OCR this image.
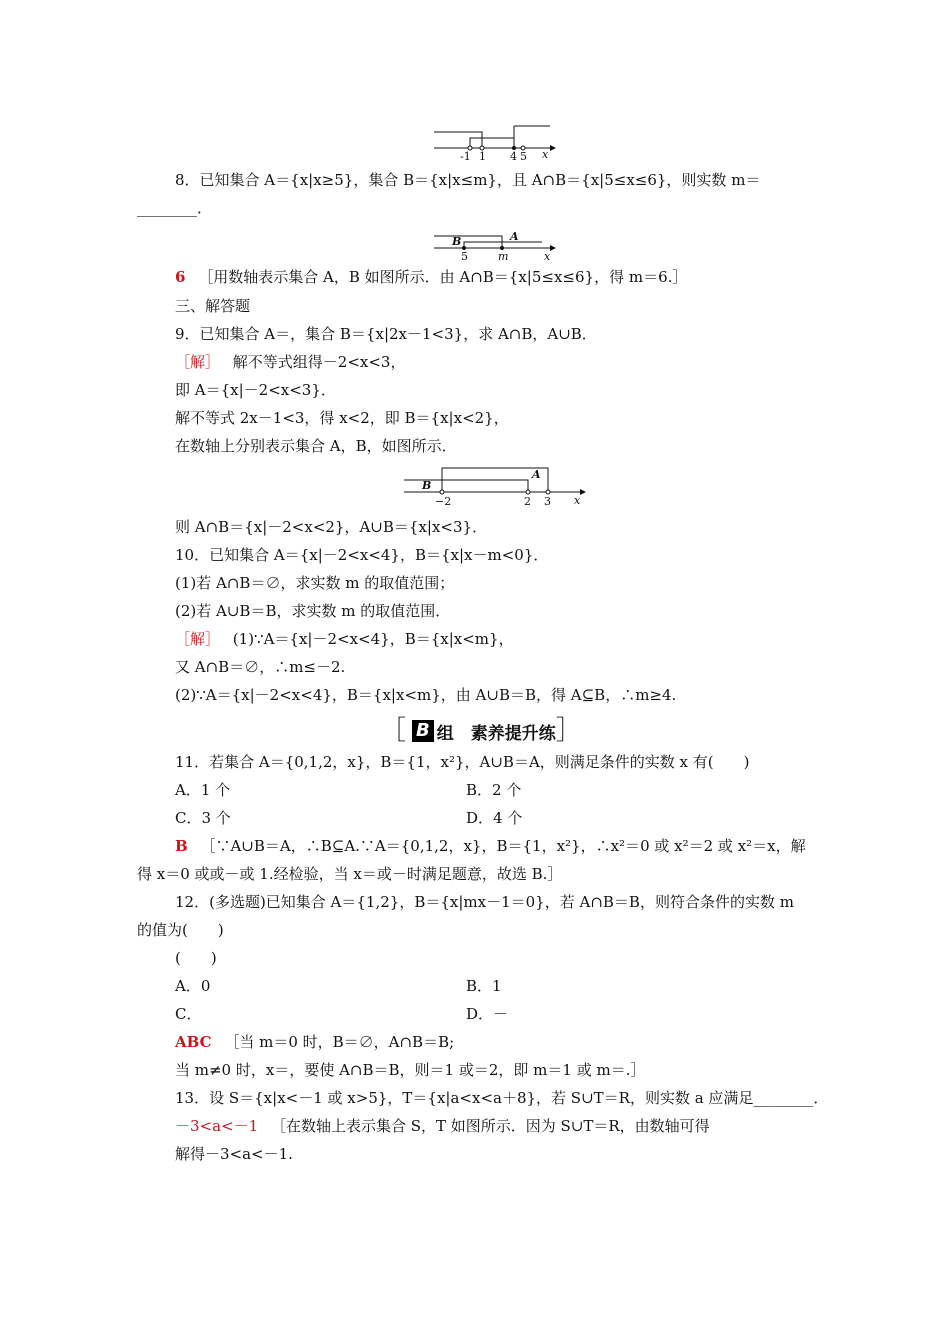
-1 1 4 5 x
8．已知集合 A＝{x|x≥5}，集合 B＝{x|x≤m}，且 A∩B＝{x|5≤x≤6}，则实数 m＝
________．
B	A
5	m	x
6 ［用数轴表示集合 A，B 如图所示．由 A∩B＝{x|5≤x≤6}，得 m＝6.］
三、解答题
9．已知集合 A＝，集合 B＝{x|2x－1<3}，求 A∩B，A∪B．
［解］ 解不等式组得－2<x<3，
即 A＝{x|－2<x<3}．
解不等式 2x－1<3，得 x<2，即 B＝{x|x<2}，
在数轴上分别表示集合 A，B，如图所示．
B
A
−2	2 3 x
则 A∩B＝{x|－2<x<2}，A∪B＝{x|x<3}．
10．已知集合 A＝{x|－2<x<4}，B＝{x|x－m<0}．
(1)若 A∩B＝∅，求实数 m 的取值范围；
(2)若 A∪B＝B，求实数 m 的取值范围．
［解］ (1)∵A＝{x|－2<x<4}，B＝{x|x<m}，
又 A∩B＝∅，∴m≤－2.
(2)∵A＝{x|－2<x<4}，B＝{x|x<m}，由 A∪B＝B，得 A⊆B，∴m≥4.
［ B 组　素养提升练 ］
11．若集合 A＝{0,1,2，x}，B＝{1，x²}，A∪B＝A，则满足条件的实数 x 有(　　)
A．1 个	B．2 个
C．3 个	D．4 个
B ［∵A∪B＝A，∴B⊆A.∵A＝{0,1,2，x}，B＝{1，x²}，∴x²＝0 或 x²＝2 或 x²＝x，解
得 x＝0 或或－或 1.经检验，当 x＝或－时满足题意，故选 B.］
12．(多选题)已知集合 A＝{1,2}，B＝{x|mx－1＝0}，若 A∩B＝B，则符合条件的实数 m
的值为(　　)
(　　)
A．0	B．1
C．	D．－
ABC ［当 m＝0 时，B＝∅，A∩B＝B;
当 m≠0 时，x＝，要使 A∩B＝B，则＝1 或＝2，即 m＝1 或 m＝.］
13．设 S＝{x|x<－1 或 x>5}，T＝{x|a<x<a＋8}，若 S∪T＝R，则实数 a 应满足________．
－3<a<－1 ［在数轴上表示集合 S，T 如图所示．因为 S∪T＝R，由数轴可得
解得－3<a<－1.
